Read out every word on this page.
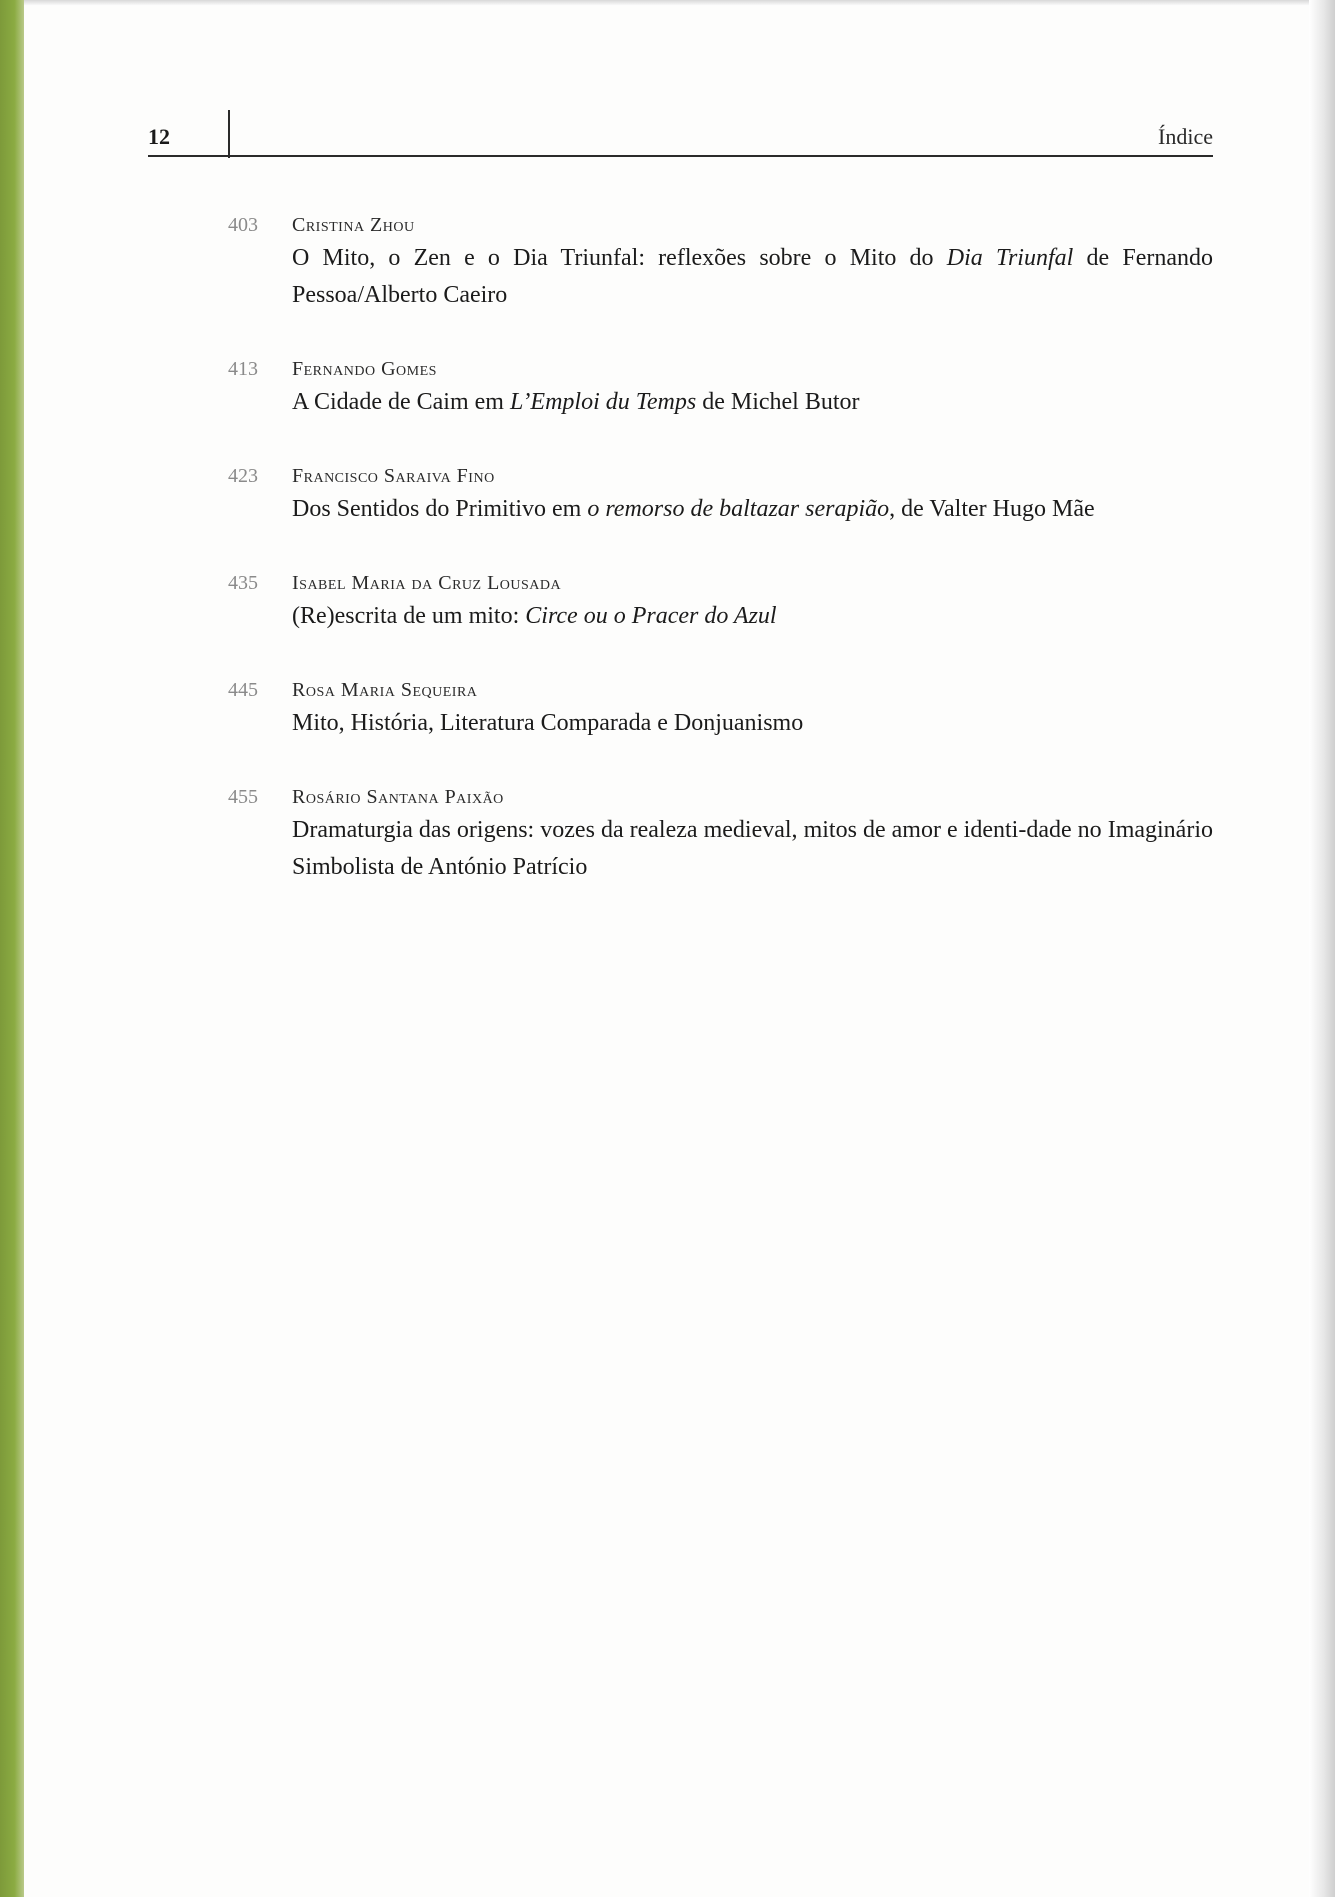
12	Índice
403	Cristina Zhou
O Mito, o Zen e o Dia Triunfal: reflexões sobre o Mito do Dia Triunfal de Fernando Pessoa/Alberto Caeiro
413	Fernando Gomes
A Cidade de Caim em L’Emploi du Temps de Michel Butor
423	Francisco Saraiva Fino
Dos Sentidos do Primitivo em o remorso de baltazar serapião, de Valter Hugo Mãe
435	Isabel Maria da Cruz Lousada
(Re)escrita de um mito: Circe ou o Pracer do Azul
445	Rosa Maria Sequeira
Mito, História, Literatura Comparada e Donjuanismo
455	Rosário Santana Paixão
Dramaturgia das origens: vozes da realeza medieval, mitos de amor e identi-dade no Imaginário Simbolista de António Patrício
